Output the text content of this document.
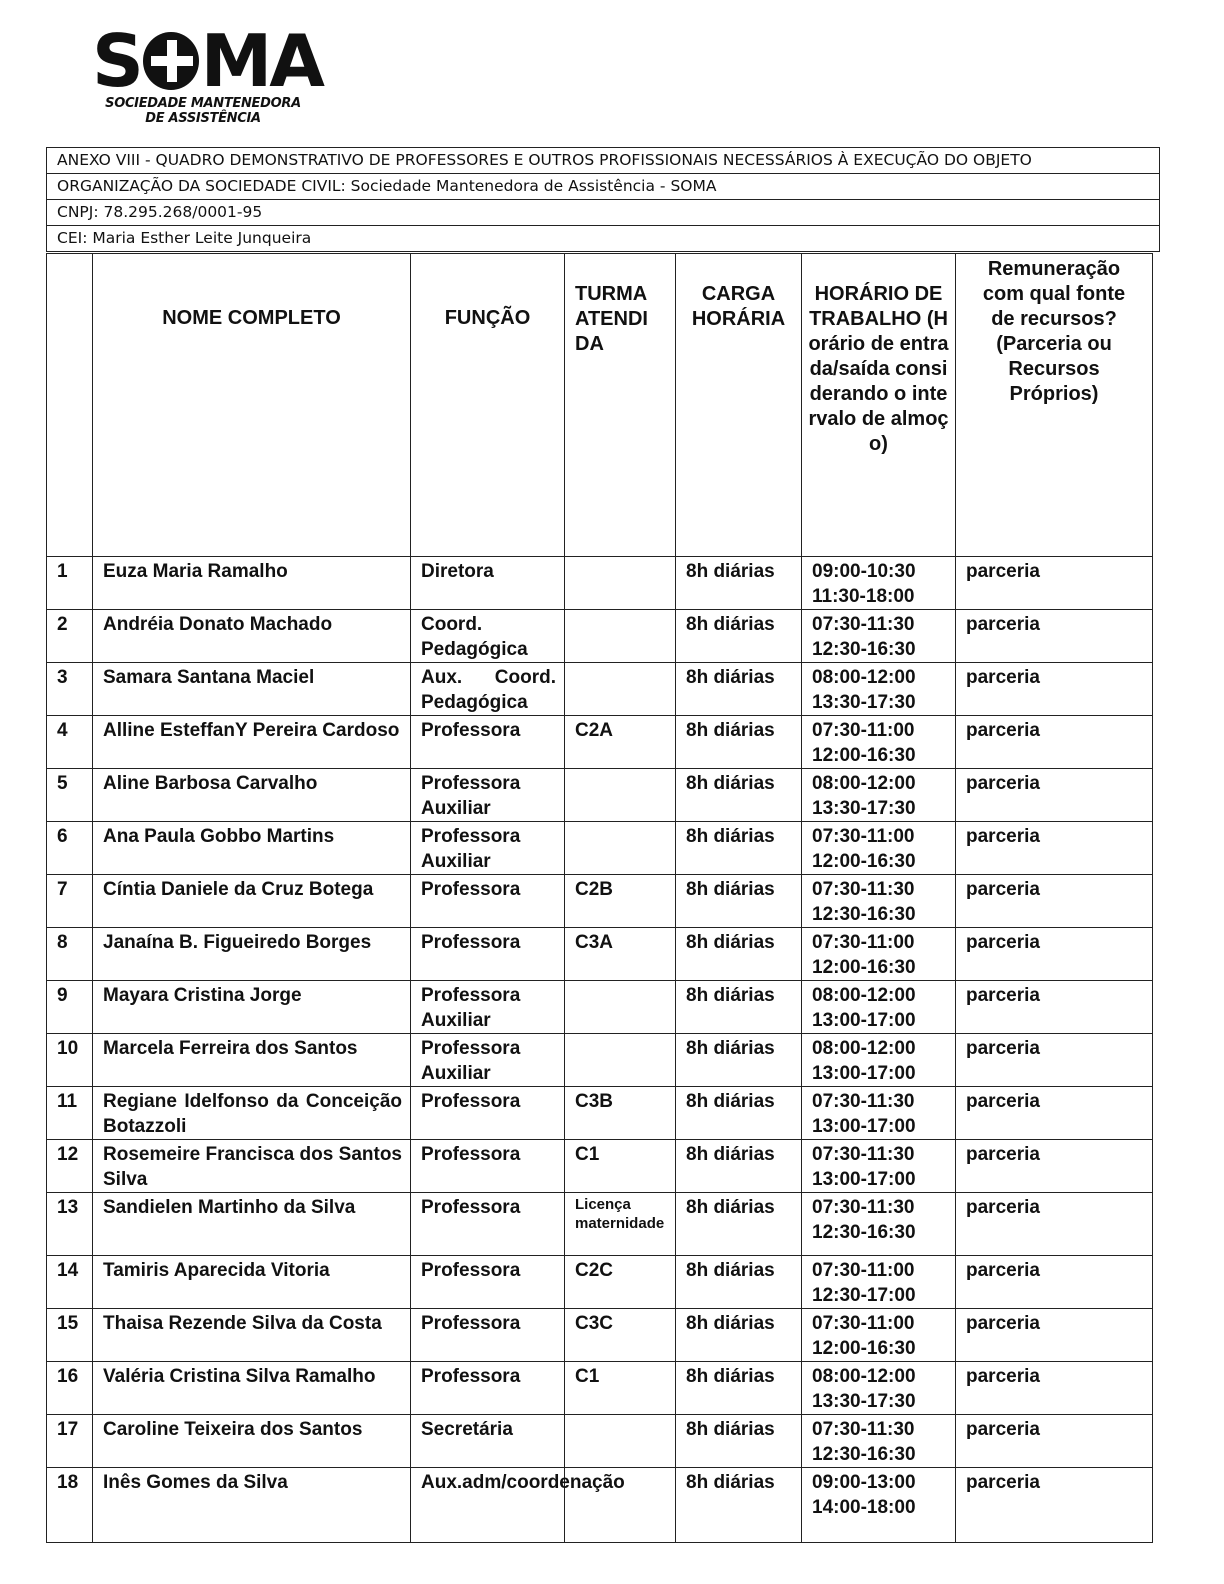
S MA
SOCIEDADE MANTENEDORA
DE ASSISTÊNCIA
ANEXO VIII - QUADRO DEMONSTRATIVO DE PROFESSORES E OUTROS PROFISSIONAIS NECESSÁRIOS À EXECUÇÃO DO OBJETO
ORGANIZAÇÃO DA SOCIEDADE CIVIL: Sociedade Mantenedora de Assistência - SOMA
CNPJ: 78.295.268/0001-95
CEI: Maria Esther Leite Junqueira
	NOME COMPLETO	FUNÇÃO	TURMA ATENDIDA	CARGA HORÁRIA	HORÁRIO DE TRABALHO (Horário de entrada/saída considerando o intervalo de almoço)	Remuneração com qual fonte de recursos? (Parceria ou Recursos Próprios)

1	Euza Maria Ramalho	Diretora		8h diárias	09:00-10:30 11:30-18:00	parceria
2	Andréia Donato Machado	Coord. Pedagógica		8h diárias	07:30-11:30 12:30-16:30	parceria
3	Samara Santana Maciel	Aux. Coord. Pedagógica		8h diárias	08:00-12:00 13:30-17:30	parceria
4	Alline EsteffanY Pereira Cardoso	Professora	C2A	8h diárias	07:30-11:00 12:00-16:30	parceria
5	Aline Barbosa Carvalho	Professora Auxiliar		8h diárias	08:00-12:00 13:30-17:30	parceria
6	Ana Paula Gobbo Martins	Professora Auxiliar		8h diárias	07:30-11:00 12:00-16:30	parceria
7	Cíntia Daniele da Cruz Botega	Professora	C2B	8h diárias	07:30-11:30 12:30-16:30	parceria
8	Janaína B. Figueiredo Borges	Professora	C3A	8h diárias	07:30-11:00 12:00-16:30	parceria
9	Mayara Cristina Jorge	Professora Auxiliar		8h diárias	08:00-12:00 13:00-17:00	parceria
10	Marcela Ferreira dos Santos	Professora Auxiliar		8h diárias	08:00-12:00 13:00-17:00	parceria
11	Regiane Idelfonso da Conceição Botazzoli	Professora	C3B	8h diárias	07:30-11:30 13:00-17:00	parceria
12	Rosemeire Francisca dos Santos Silva	Professora	C1	8h diárias	07:30-11:30 13:00-17:00	parceria
13	Sandielen Martinho da Silva	Professora	Licença maternidade	8h diárias	07:30-11:30 12:30-16:30	parceria
14	Tamiris Aparecida Vitoria	Professora	C2C	8h diárias	07:30-11:00 12:30-17:00	parceria
15	Thaisa Rezende Silva da Costa	Professora	C3C	8h diárias	07:30-11:00 12:00-16:30	parceria
16	Valéria Cristina Silva Ramalho	Professora	C1	8h diárias	08:00-12:00 13:30-17:30	parceria
17	Caroline Teixeira dos Santos	Secretária		8h diárias	07:30-11:30 12:30-16:30	parceria
18	Inês Gomes da Silva	Aux.adm/coordenação		8h diárias	09:00-13:00 14:00-18:00	parceria
